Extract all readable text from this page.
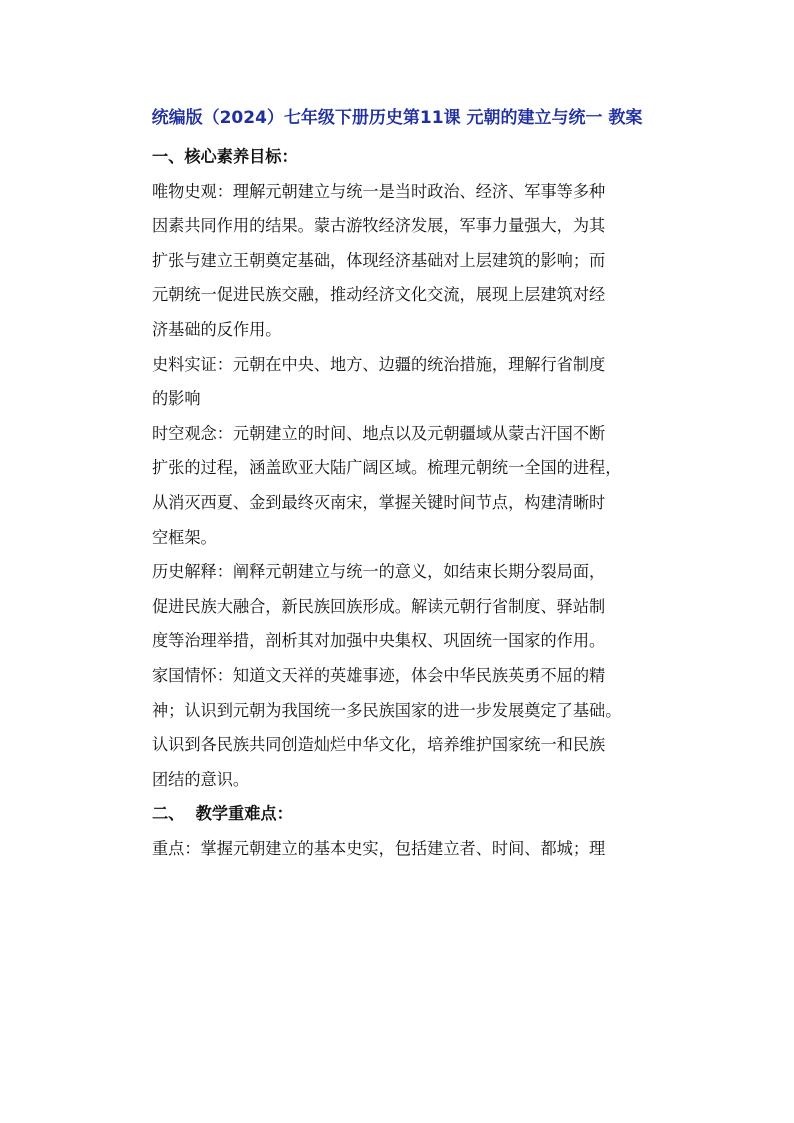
统编版（2024）七年级下册历史第11课 元朝的建立与统一 教案
一、核心素养目标：
唯物史观：理解元朝建立与统一是当时政治、经济、军事等多种
因素共同作用的结果。蒙古游牧经济发展，军事力量强大，为其
扩张与建立王朝奠定基础，体现经济基础对上层建筑的影响；而
元朝统一促进民族交融，推动经济文化交流，展现上层建筑对经
济基础的反作用。
史料实证：元朝在中央、地方、边疆的统治措施，理解行省制度
的影响
时空观念：元朝建立的时间、地点以及元朝疆域从蒙古汗国不断
扩张的过程，涵盖欧亚大陆广阔区域。梳理元朝统一全国的进程，
从消灭西夏、金到最终灭南宋，掌握关键时间节点，构建清晰时
空框架。
历史解释：阐释元朝建立与统一的意义，如结束长期分裂局面，
促进民族大融合，新民族回族形成。解读元朝行省制度、驿站制
度等治理举措，剖析其对加强中央集权、巩固统一国家的作用。
家国情怀：知道文天祥的英雄事迹，体会中华民族英勇不屈的精
神；认识到元朝为我国统一多民族国家的进一步发展奠定了基础。
认识到各民族共同创造灿烂中华文化，培养维护国家统一和民族
团结的意识。
二、  教学重难点：
重点：掌握元朝建立的基本史实，包括建立者、时间、都城；理
